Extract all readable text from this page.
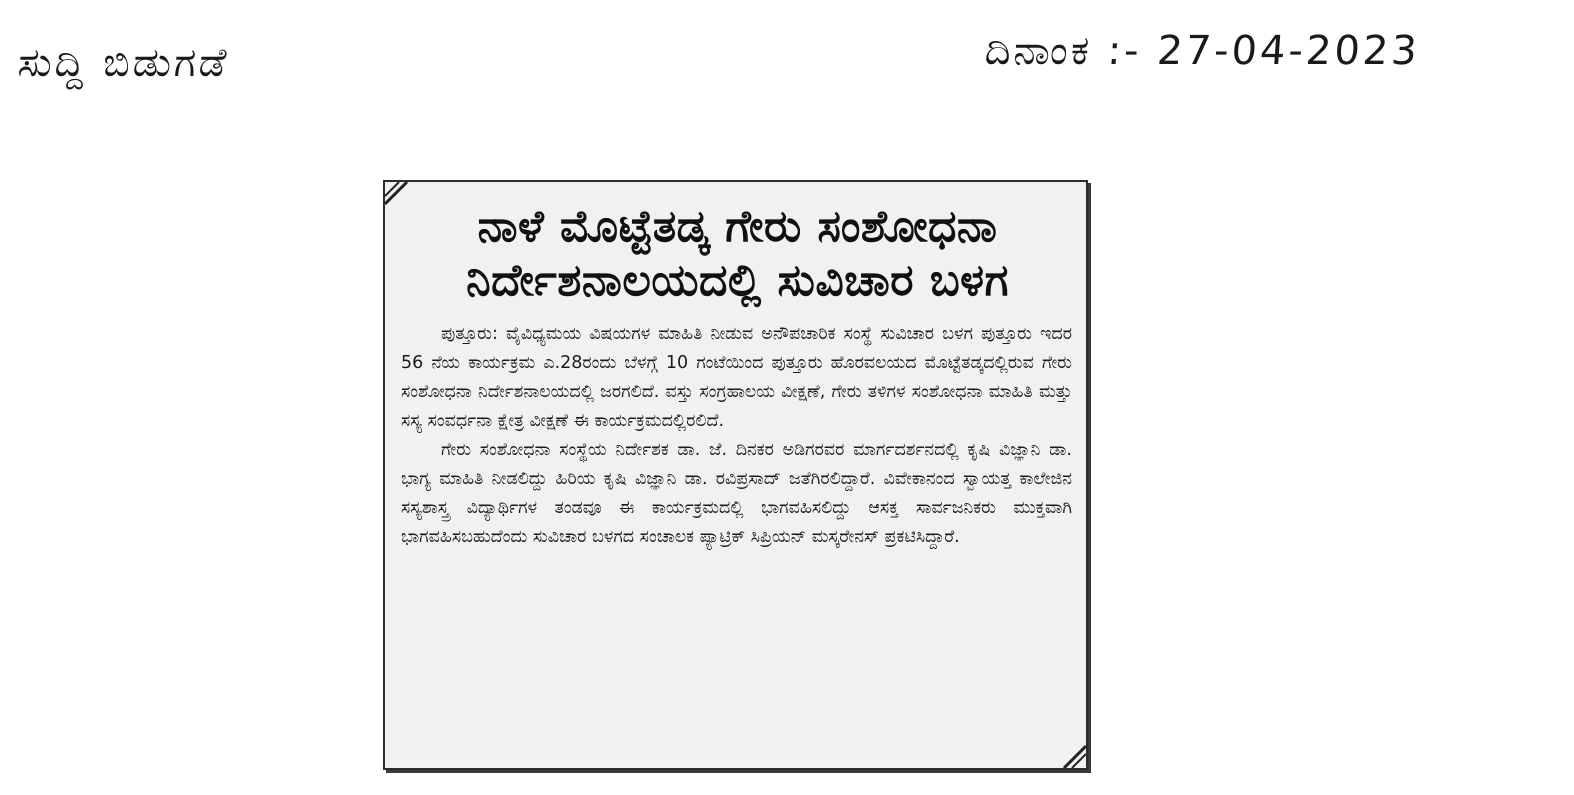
ಸುದ್ದಿ ಬಿಡುಗಡೆ	ದಿನಾಂಕ :- 27-04-2023
ನಾಳೆ ಮೊಟ್ಟೆತಡ್ಕ ಗೇರು ಸಂಶೋಧನಾ
ನಿರ್ದೇಶನಾಲಯದಲ್ಲಿ ಸುವಿಚಾರ ಬಳಗ

ಪುತ್ತೂರು: ವೈವಿಧ್ಯಮಯ ವಿಷಯಗಳ ಮಾಹಿತಿ ನೀಡುವ ಅನೌಪಚಾರಿಕ ಸಂಸ್ಥೆ ಸುವಿಚಾರ ಬಳಗ ಪುತ್ತೂರು ಇದರ 56 ನೆಯ ಕಾರ್ಯಕ್ರಮ ಎ.28ರಂದು ಬೆಳಗ್ಗೆ 10 ಗಂಟೆಯಿಂದ ಪುತ್ತೂರು ಹೊರವಲಯದ ಮೊಟ್ಟೆತಡ್ಕದಲ್ಲಿರುವ ಗೇರು ಸಂಶೋಧನಾ ನಿರ್ದೇಶನಾಲಯದಲ್ಲಿ ಜರಗಲಿದೆ. ವಸ್ತು ಸಂಗ್ರಹಾಲಯ ವೀಕ್ಷಣೆ, ಗೇರು ತಳಿಗಳ ಸಂಶೋಧನಾ ಮಾಹಿತಿ ಮತ್ತು ಸಸ್ಯ ಸಂವರ್ಧನಾ ಕ್ಷೇತ್ರ ವೀಕ್ಷಣೆ ಈ ಕಾರ್ಯಕ್ರಮದಲ್ಲಿರಲಿದೆ.

ಗೇರು ಸಂಶೋಧನಾ ಸಂಸ್ಥೆಯ ನಿರ್ದೇಶಕ ಡಾ. ಜೆ. ದಿನಕರ ಅಡಿಗರವರ ಮಾರ್ಗದರ್ಶನದಲ್ಲಿ ಕೃಷಿ ವಿಜ್ಞಾನಿ ಡಾ. ಭಾಗ್ಯ ಮಾಹಿತಿ ನೀಡಲಿದ್ದು ಹಿರಿಯ ಕೃಷಿ ವಿಜ್ಞಾನಿ ಡಾ. ರವಿಪ್ರಸಾದ್ ಜತೆಗಿರಲಿದ್ದಾರೆ. ವಿವೇಕಾನಂದ ಸ್ವಾಯತ್ತ ಕಾಲೇಜಿನ ಸಸ್ಯಶಾಸ್ತ್ರ ವಿದ್ಯಾರ್ಥಿಗಳ ತಂಡವೂ ಈ ಕಾರ್ಯಕ್ರಮದಲ್ಲಿ ಭಾಗವಹಿಸಲಿದ್ದು ಆಸಕ್ತ ಸಾರ್ವಜನಿಕರು ಮುಕ್ತವಾಗಿ ಭಾಗವಹಿಸಬಹುದೆಂದು ಸುವಿಚಾರ ಬಳಗದ ಸಂಚಾಲಕ ಪ್ಯಾಟ್ರಿಕ್ ಸಿಪ್ರಿಯನ್ ಮಸ್ಕರೇನಸ್ ಪ್ರಕಟಿಸಿದ್ದಾರೆ.
